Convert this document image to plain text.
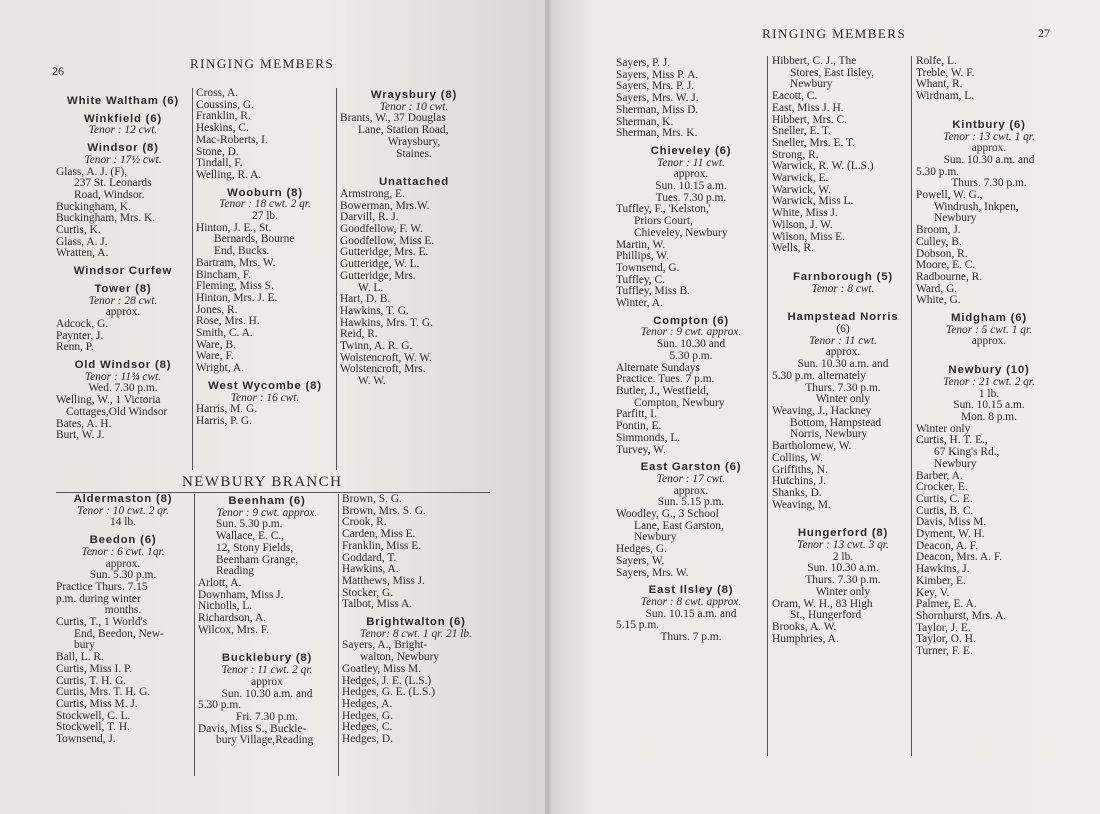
26	RINGING MEMBERS
White Waltham (6)
Winkfield (6)
Tenor : 12 cwt.
Windsor (8)
Tenor : 17½ cwt.
Glass, A. J. (F),
237 St. Leonards
Road, Windsor.
Buckingham, K.
Buckingham, Mrs. K.
Curtis, K.
Glass, A. J.
Wratten, A.
Windsor Curfew
Tower (8)
Tenor : 28 cwt.
approx.
Adcock, G.
Paynter, J.
Renn, P.
Old Windsor (8)
Tenor : 11¾ cwt.
Wed. 7.30 p.m.
Welling, W., 1 Victoria
Cottages,Old Windsor
Bates, A. H.
Burt, W. J.
Cross, A.
Coussins, G.
Franklin, R.
Heskins, C.
Mac-Roberts, I.
Stone, D.
Tindall, F.
Welling, R. A.
Wooburn (8)
Tenor : 18 cwt. 2 qr.
27 lb.
Hinton, J. E., St.
Bernards, Bourne
End, Bucks.
Bartram, Mrs. W.
Bincham, F.
Fleming, Miss S.
Hinton, Mrs. J. E.
Jones, R.
Rose, Mrs. H.
Smith, C. A.
Ware, B.
Ware, F.
Wright, A.
West Wycombe (8)
Tenor : 16 cwt.
Harris, M. G.
Harris, P. G.
Wraysbury (8)
Tenor : 10 cwt.
Brants, W., 37 Douglas
Lane, Station Road,
Wraysbury,
Staines.
Unattached
Armstrong, E.
Bowerman, Mrs.W.
Darvill, R. J.
Goodfellow, F. W.
Goodfellow, Miss E.
Gutteridge, Mrs. E.
Gutteridge, W. L.
Gutteridge, Mrs.
W. L.
Hart, D. B.
Hawkins, T. G.
Hawkins, Mrs. T. G.
Reid, R.
Twinn, A. R. G.
Wolstencroft, W. W.
Wolstencroft, Mrs.
W. W.
NEWBURY BRANCH
Aldermaston (8)
Tenor : 10 cwt. 2 qr.
14 lb.
Beedon (6)
Tenor : 6 cwt. 1qr.
approx.
Sun. 5.30 p.m.
Practice Thurs. 7.15
p.m. during winter
months.
Curtis, T., 1 World's
End, Beedon, New-
bury
Ball, L. R.
Curtis, Miss I. P.
Curtis, T. H. G.
Curtis, Mrs. T. H. G.
Curtis, Miss M. J.
Stockwell, C. L.
Stockwell, T. H.
Townsend, J.
Beenham (6)
Tenor : 9 cwt. approx.
Sun. 5.30 p.m.
Wallace, E. C.,
12, Stony Fields,
Beenham Grange,
Reading
Arlott, A.
Downham, Miss J.
Nicholls, L.
Richardson, A.
Wilcox, Mrs. F.
Bucklebury (8)
Tenor : 11 cwt. 2 qr.
approx
Sun. 10.30 a.m. and
5.30 p.m.
Fri. 7.30 p.m.
Davis, Miss S., Buckle-
bury Village,Reading
Brown, S. G.
Brown, Mrs. S. G.
Crook, R.
Carden, Miss E.
Franklin, Miss E.
Goddard, T.
Hawkins, A.
Matthews, Miss J.
Stocker, G.
Talbot, Miss A.
Brightwalton (6)
Tenor: 8 cwt. 1 qr. 21 lb.
Sayers, A., Bright-
walton, Newbury
Goatley, Miss M.
Hedges, J. E. (L.S.)
Hedges, G. E. (L.S.)
Hedges, A.
Hedges, G.
Hedges, C.
Hedges, D.
RINGING MEMBERS	27
Sayers, P. J.
Sayers, Miss P. A.
Sayers, Mrs. P. J.
Sayers, Mrs. W. J.
Sherman, Miss D.
Sherman, K.
Sherman, Mrs. K.
Chieveley (6)
Tenor : 11 cwt.
approx.
Sun. 10.15 a.m.
Tues. 7.30 p.m.
Tuffley, F., 'Kelston,'
Priors Court,
Chieveley, Newbury
Martin, W.
Phillips, W.
Townsend, G.
Tuffley, C.
Tuffley, Miss B.
Winter, A.
Compton (6)
Tenor : 9 cwt. approx.
Sun. 10.30 and
5.30 p.m.
Alternate Sundays
Practice. Tues. 7 p.m.
Butler, J., Westfield,
Compton, Newbury
Parfitt, I.
Pontin, E.
Simmonds, L.
Turvey, W.
East Garston (6)
Tenor : 17 cwt.
approx.
Sun. 5.15 p.m.
Woodley, G., 3 School
Lane, East Garston,
Newbury
Hedges, G.
Sayers, W.
Sayers, Mrs. W.
East Ilsley (8)
Tenor : 8 cwt. approx.
Sun. 10.15 a.m. and
5.15 p.m.
Thurs. 7 p.m.
Hibbert, C. J., The
Stores, East Ilsley,
Newbury
Eacott, C.
East, Miss J. H.
Hibbert, Mrs. C.
Sneller, E. T.
Sneller, Mrs. E. T.
Strong, R.
Warwick, R. W. (L.S.)
Warwick, E.
Warwick, W.
Warwick, Miss L.
White, Miss J.
Wilson, J. W.
Wilson, Miss E.
Wells, R.
Farnborough (5)
Tenor : 8 cwt.
Hampstead Norris
(6)
Tenor : 11 cwt.
approx.
Sun. 10.30 a.m. and
5.30 p.m. alternately
Thurs. 7.30 p.m.
Winter only
Weaving, J., Hackney
Bottom, Hampstead
Norris, Newbury
Bartholomew, W.
Collins, W.
Griffiths, N.
Hutchins, J.
Shanks, D.
Weaving, M.
Hungerford (8)
Tenor : 13 cwt. 3 qr.
2 lb.
Sun. 10.30 a.m.
Thurs. 7.30 p.m.
Winter only
Oram, W. H., 83 High
St., Hungerford
Brooks, A. W.
Humphries, A.
Rolfe, L.
Treble, W. F.
Whant, R.
Wirdnam, L.
Kintbury (6)
Tenor : 13 cwt. 1 qr.
approx.
Sun. 10.30 a.m. and
5.30 p.m.
Thurs. 7.30 p.m.
Powell, W. G.,
Windrush, Inkpen,
Newbury
Broom, J.
Culley, B.
Dobson, R.
Moore, E. C.
Radbourne, R.
Ward, G.
White, G.
Midgham (6)
Tenor : 5 cwt. 1 qr.
approx.
Newbury (10)
Tenor : 21 cwt. 2 qr.
1 lb.
Sun. 10.15 a.m.
Mon. 8 p.m.
Winter only
Curtis, H. T. E.,
67 King's Rd.,
Newbury
Barber, A.
Crocker, E.
Curtis, C. E.
Curtis, B. C.
Davis, Miss M.
Dyment, W. H.
Deacon, A. F.
Deacon, Mrs. A. F.
Hawkins, J.
Kimber, E.
Key, V.
Palmer, E. A.
Shornhurst, Mrs. A.
Taylor, J. E.
Taylor, O. H.
Turner, F. E.
